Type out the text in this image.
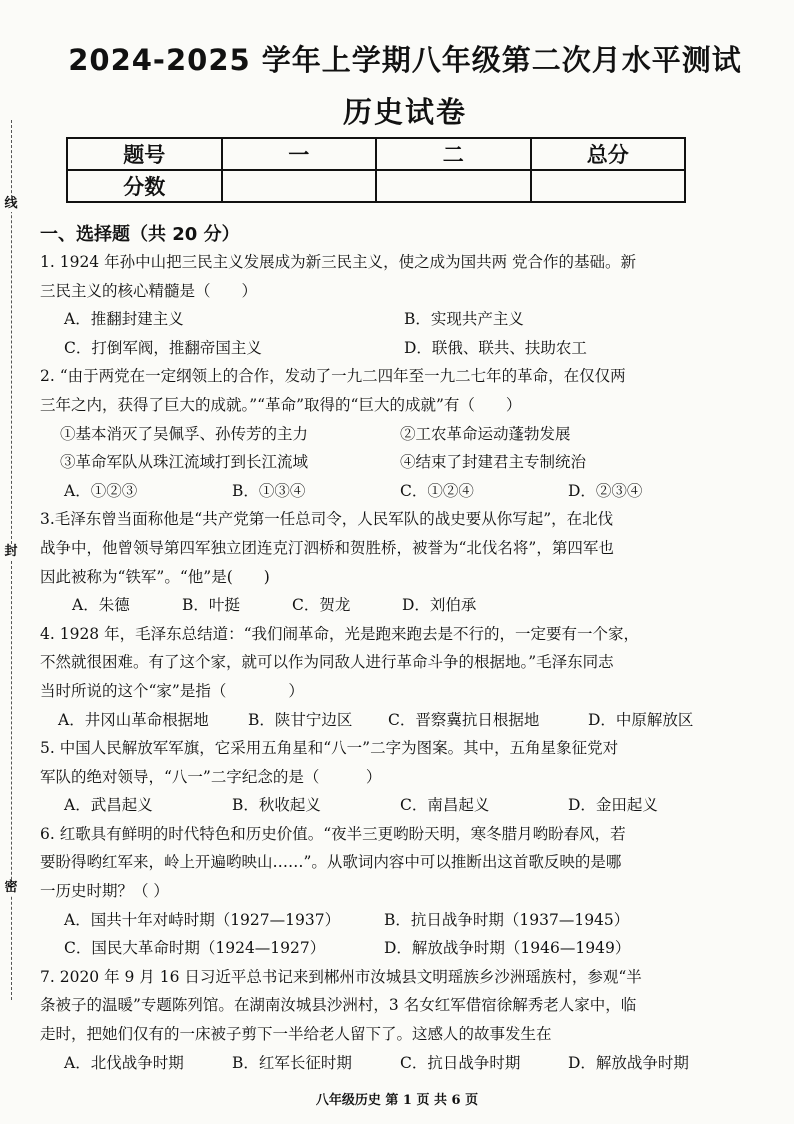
线
封
密
2024-2025 学年上学期八年级第二次月水平测试
历史试卷
题号	一	二	总分
分数			
一、选择题（共 20 分）
1. 1924 年孙中山把三民主义发展成为新三民主义，使之成为国共两 党合作的基础。新
三民主义的核心精髓是（　　）
A．推翻封建主义	B．实现共产主义
C．打倒军阀，推翻帝国主义	D．联俄、联共、扶助农工
2. “由于两党在一定纲领上的合作，发动了一九二四年至一九二七年的革命，在仅仅两
三年之内，获得了巨大的成就。”“革命”取得的“巨大的成就”有（　　）
①基本消灭了吴佩孚、孙传芳的主力	②工农革命运动蓬勃发展
③革命军队从珠江流域打到长江流域	④结束了封建君主专制统治
A．①②③	B．①③④	C．①②④	D．②③④
3.毛泽东曾当面称他是“共产党第一任总司令，人民军队的战史要从你写起”，在北伐
战争中，他曾领导第四军独立团连克汀泗桥和贺胜桥，被誉为“北伐名将”，第四军也
因此被称为“铁军”。“他”是(　　)
A．朱德	B．叶挺	C．贺龙	D．刘伯承
4. 1928 年，毛泽东总结道：“我们闹革命，光是跑来跑去是不行的，一定要有一个家，
不然就很困难。有了这个家，就可以作为同敌人进行革命斗争的根据地。”毛泽东同志
当时所说的这个“家”是指（　　　　）
A．井冈山革命根据地	B．陕甘宁边区	C．晋察冀抗日根据地	D．中原解放区
5. 中国人民解放军军旗，它采用五角星和“八一”二字为图案。其中，五角星象征党对
军队的绝对领导，“八一”二字纪念的是（　　　）
A．武昌起义	B．秋收起义	C．南昌起义	D．金田起义
6. 红歌具有鲜明的时代特色和历史价值。“夜半三更哟盼天明，寒冬腊月哟盼春风，若
要盼得哟红军来，岭上开遍哟映山……”。从歌词内容中可以推断出这首歌反映的是哪
一历史时期？（ ）
A．国共十年对峙时期（1927—1937）	B．抗日战争时期（1937—1945）
C．国民大革命时期（1924—1927）	D．解放战争时期（1946—1949）
7. 2020 年 9 月 16 日习近平总书记来到郴州市汝城县文明瑶族乡沙洲瑶族村，参观“半
条被子的温暖”专题陈列馆。在湖南汝城县沙洲村，3 名女红军借宿徐解秀老人家中，临
走时，把她们仅有的一床被子剪下一半给老人留下了。这感人的故事发生在
A．北伐战争时期	B．红军长征时期	C．抗日战争时期	D．解放战争时期
八年级历史 第 1 页 共 6 页
